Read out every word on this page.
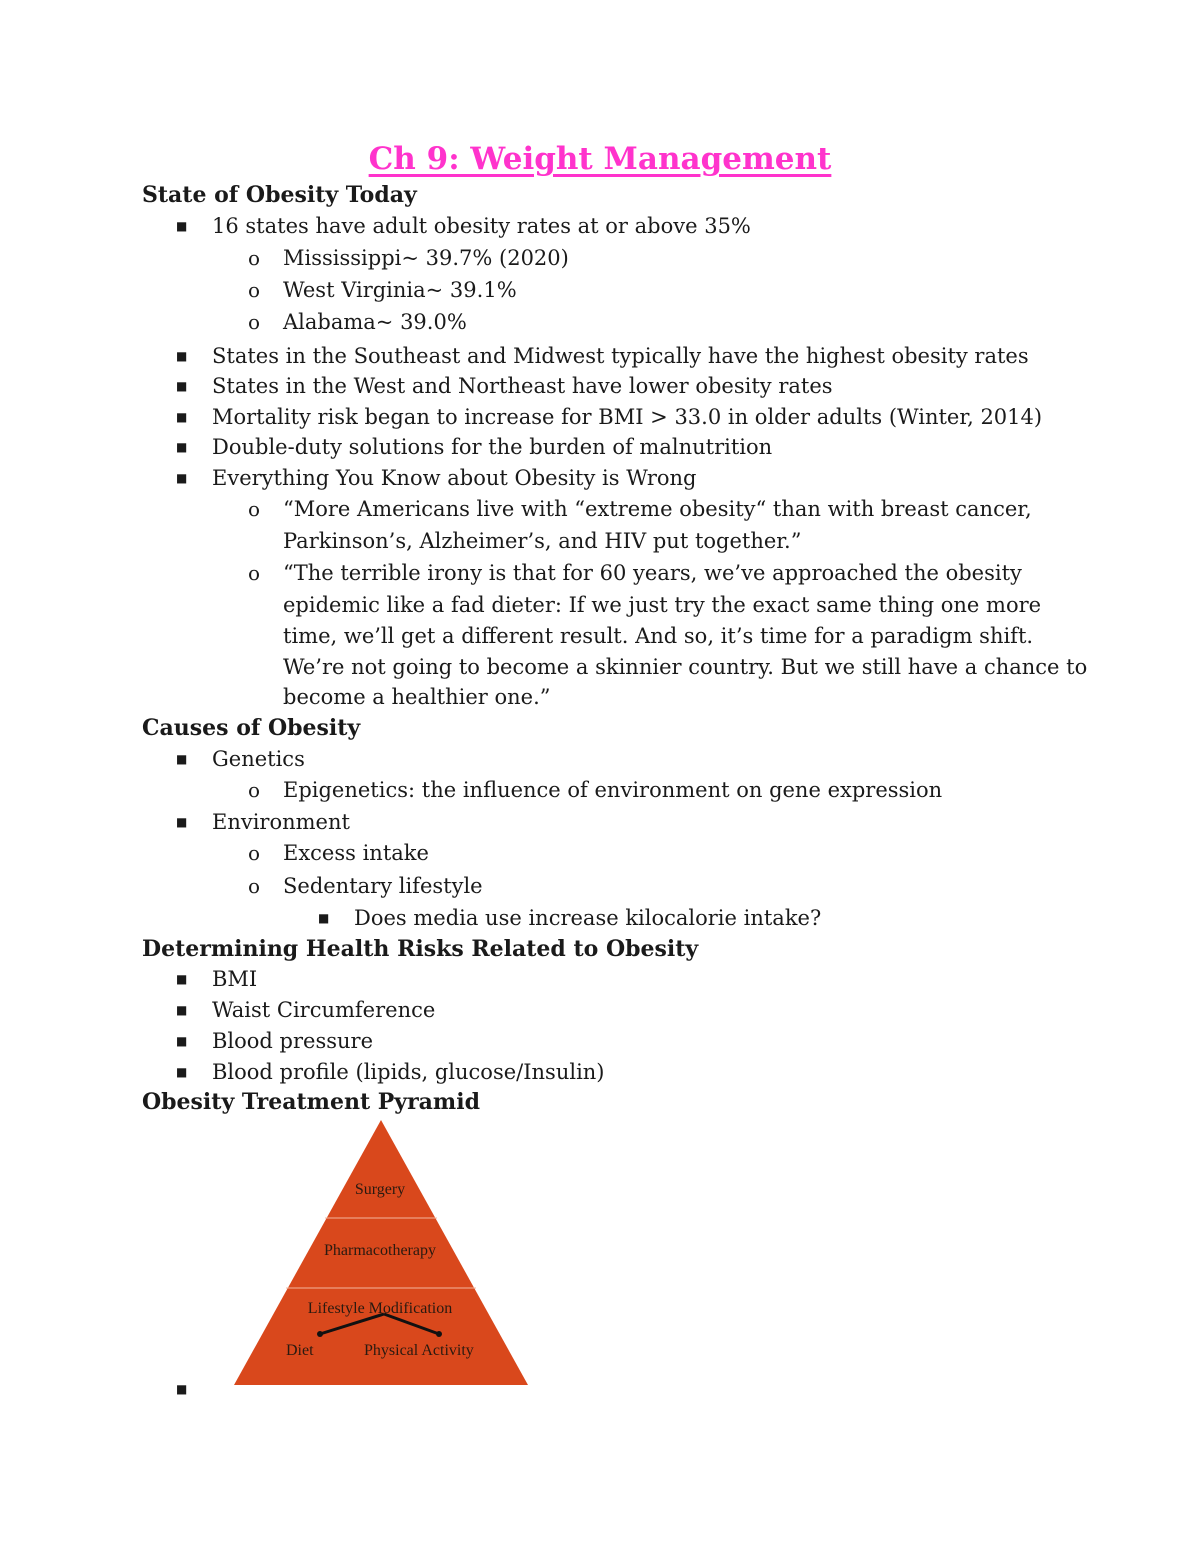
Ch 9: Weight Management
State of Obesity Today
■

16 states have adult obesity rates at or above 35%

o

Mississippi~ 39.7% (2020)

o

West Virginia~ 39.1%

o

Alabama~ 39.0%

■

States in the Southeast and Midwest typically have the highest obesity rates

■

States in the West and Northeast have lower obesity rates

■

Mortality risk began to increase for BMI > 33.0 in older adults (Winter, 2014)

■

Double-duty solutions for the burden of malnutrition

■

Everything You Know about Obesity is Wrong

o

“More Americans live with “extreme obesity“ than with breast cancer,

Parkinson’s, Alzheimer’s, and HIV put together.”

o

“The terrible irony is that for 60 years, we’ve approached the obesity

epidemic like a fad dieter: If we just try the exact same thing one more

time, we’ll get a different result. And so, it’s time for a paradigm shift.

We’re not going to become a skinnier country. But we still have a chance to

become a healthier one.”

Causes of Obesity
■

Genetics

o

Epigenetics: the influence of environment on gene expression

■

Environment

o

Excess intake

o

Sedentary lifestyle

■

Does media use increase kilocalorie intake?

Determining Health Risks Related to Obesity
■

BMI

■

Waist Circumference

■

Blood pressure

■

Blood profile (lipids, glucose/Insulin)

Obesity Treatment Pyramid
Surgery
Pharmacotherapy
Lifestyle Modification
Diet	Physical Activity
■
